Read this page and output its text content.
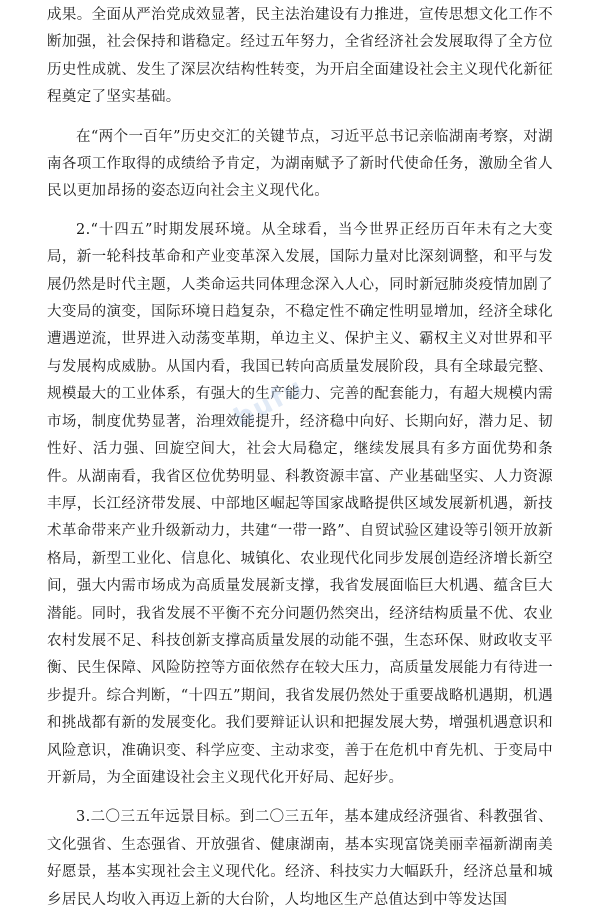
成果。全面从严治党成效显著，民主法治建设有力推进，宣传思想文化工作不断加强，社会保持和谐稳定。经过五年努力，全省经济社会发展取得了全方位历史性成就、发生了深层次结构性转变，为开启全面建设社会主义现代化新征程奠定了坚实基础。

在“两个一百年”历史交汇的关键节点，习近平总书记亲临湖南考察，对湖南各项工作取得的成绩给予肯定，为湖南赋予了新时代使命任务，激励全省人民以更加昂扬的姿态迈向社会主义现代化。

2.“十四五”时期发展环境。从全球看，当今世界正经历百年未有之大变局，新一轮科技革命和产业变革深入发展，国际力量对比深刻调整，和平与发展仍然是时代主题，人类命运共同体理念深入人心，同时新冠肺炎疫情加剧了大变局的演变，国际环境日趋复杂，不稳定性不确定性明显增加，经济全球化遭遇逆流，世界进入动荡变革期，单边主义、保护主义、霸权主义对世界和平与发展构成威胁。从国内看，我国已转向高质量发展阶段，具有全球最完整、规模最大的工业体系，有强大的生产能力、完善的配套能力，有超大规模内需市场，制度优势显著，治理效能提升，经济稳中向好、长期向好，潜力足、韧性好、活力强、回旋空间大，社会大局稳定，继续发展具有多方面优势和条件。从湖南看，我省区位优势明显、科教资源丰富、产业基础坚实、人力资源丰厚，长江经济带发展、中部地区崛起等国家战略提供区域发展新机遇，新技术革命带来产业升级新动力，共建“一带一路”、自贸试验区建设等引领开放新格局，新型工业化、信息化、城镇化、农业现代化同步发展创造经济增长新空间，强大内需市场成为高质量发展新支撑，我省发展面临巨大机遇、蕴含巨大潜能。同时，我省发展不平衡不充分问题仍然突出，经济结构质量不优、农业农村发展不足、科技创新支撑高质量发展的动能不强，生态环保、财政收支平衡、民生保障、风险防控等方面依然存在较大压力，高质量发展能力有待进一步提升。综合判断，“十四五”期间，我省发展仍然处于重要战略机遇期，机遇和挑战都有新的发展变化。我们要辩证认识和把握发展大势，增强机遇意识和风险意识，准确识变、科学应变、主动求变，善于在危机中育先机、于变局中开新局，为全面建设社会主义现代化开好局、起好步。

3.二〇三五年远景目标。到二〇三五年，基本建成经济强省、科教强省、文化强省、生态强省、开放强省、健康湖南，基本实现富饶美丽幸福新湖南美好愿景，基本实现社会主义现代化。经济、科技实力大幅跃升，经济总量和城乡居民人均收入再迈上新的大台阶，人均地区生产总值达到中等发达国

bufu
